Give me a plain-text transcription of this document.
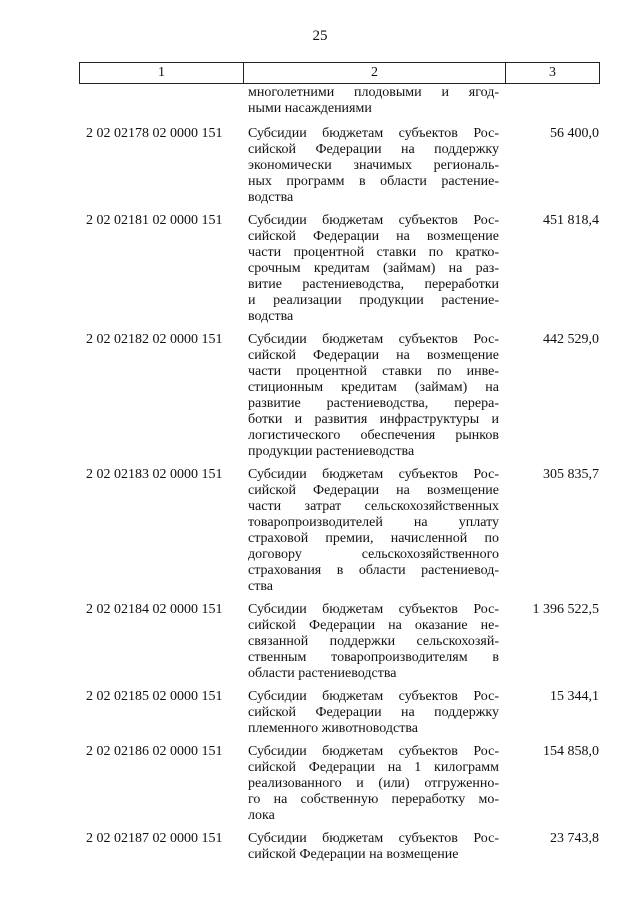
25
1	2	3
многолетними плодовыми и ягод-
ными насаждениями
2 02 02178 02 0000 151	Субсидии бюджетам субъектов Рос-
сийской Федерации на поддержку
экономически значимых региональ-
ных программ в области растение-
водства
56 400,0
2 02 02181 02 0000 151	Субсидии бюджетам субъектов Рос-
сийской Федерации на возмещение
части процентной ставки по кратко-
срочным кредитам (займам) на раз-
витие растениеводства, переработки
и реализации продукции растение-
водства
451 818,4
2 02 02182 02 0000 151	Субсидии бюджетам субъектов Рос-
сийской Федерации на возмещение
части процентной ставки по инве-
стиционным кредитам (займам) на
развитие растениеводства, перера-
ботки и развития инфраструктуры и
логистического обеспечения рынков
продукции растениеводства
442 529,0
2 02 02183 02 0000 151	Субсидии бюджетам субъектов Рос-
сийской Федерации на возмещение
части затрат сельскохозяйственных
товаропроизводителей на уплату
страховой премии, начисленной по
договору сельскохозяйственного
страхования в области растениевод-
ства
305 835,7
2 02 02184 02 0000 151	Субсидии бюджетам субъектов Рос-
сийской Федерации на оказание не-
связанной поддержки сельскохозяй-
ственным товаропроизводителям в
области растениеводства
1 396 522,5
2 02 02185 02 0000 151	Субсидии бюджетам субъектов Рос-
сийской Федерации на поддержку
племенного животноводства
15 344,1
2 02 02186 02 0000 151	Субсидии бюджетам субъектов Рос-
сийской Федерации на 1 килограмм
реализованного и (или) отгруженно-
го на собственную переработку мо-
лока
154 858,0
2 02 02187 02 0000 151	Субсидии бюджетам субъектов Рос-
сийской Федерации на возмещение
23 743,8
